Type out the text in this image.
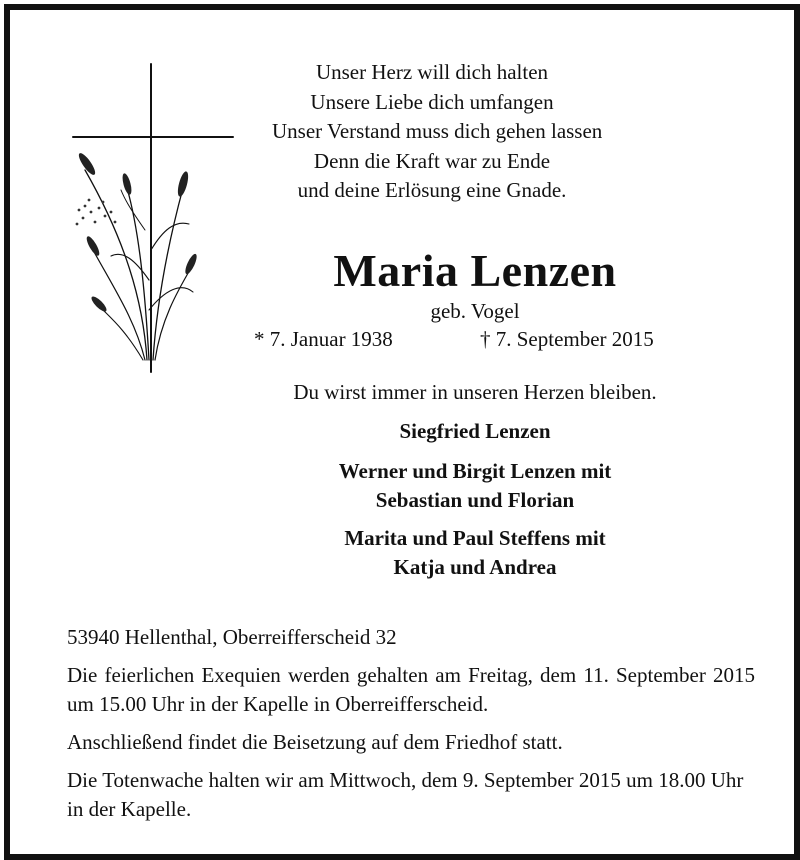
Unser Herz will dich halten
Unsere Liebe dich umfangen
Unser Verstand muss dich gehen lassen
Denn die Kraft war zu Ende
und deine Erlösung eine Gnade.
Maria Lenzen
geb. Vogel
* 7. Januar 1938	† 7. September 2015
Du wirst immer in unseren Herzen bleiben.
Siegfried Lenzen
Werner und Birgit Lenzen mit
Sebastian und Florian
Marita und Paul Steffens mit
Katja und Andrea
53940 Hellenthal, Oberreifferscheid 32
Die feierlichen Exequien werden gehalten am Freitag, dem 11. September 2015 um 15.00 Uhr in der Kapelle in Oberreifferscheid.
Anschließend findet die Beisetzung auf dem Friedhof statt.
Die Totenwache halten wir am Mittwoch, dem 9. September 2015 um 18.00 Uhr in der Kapelle.
